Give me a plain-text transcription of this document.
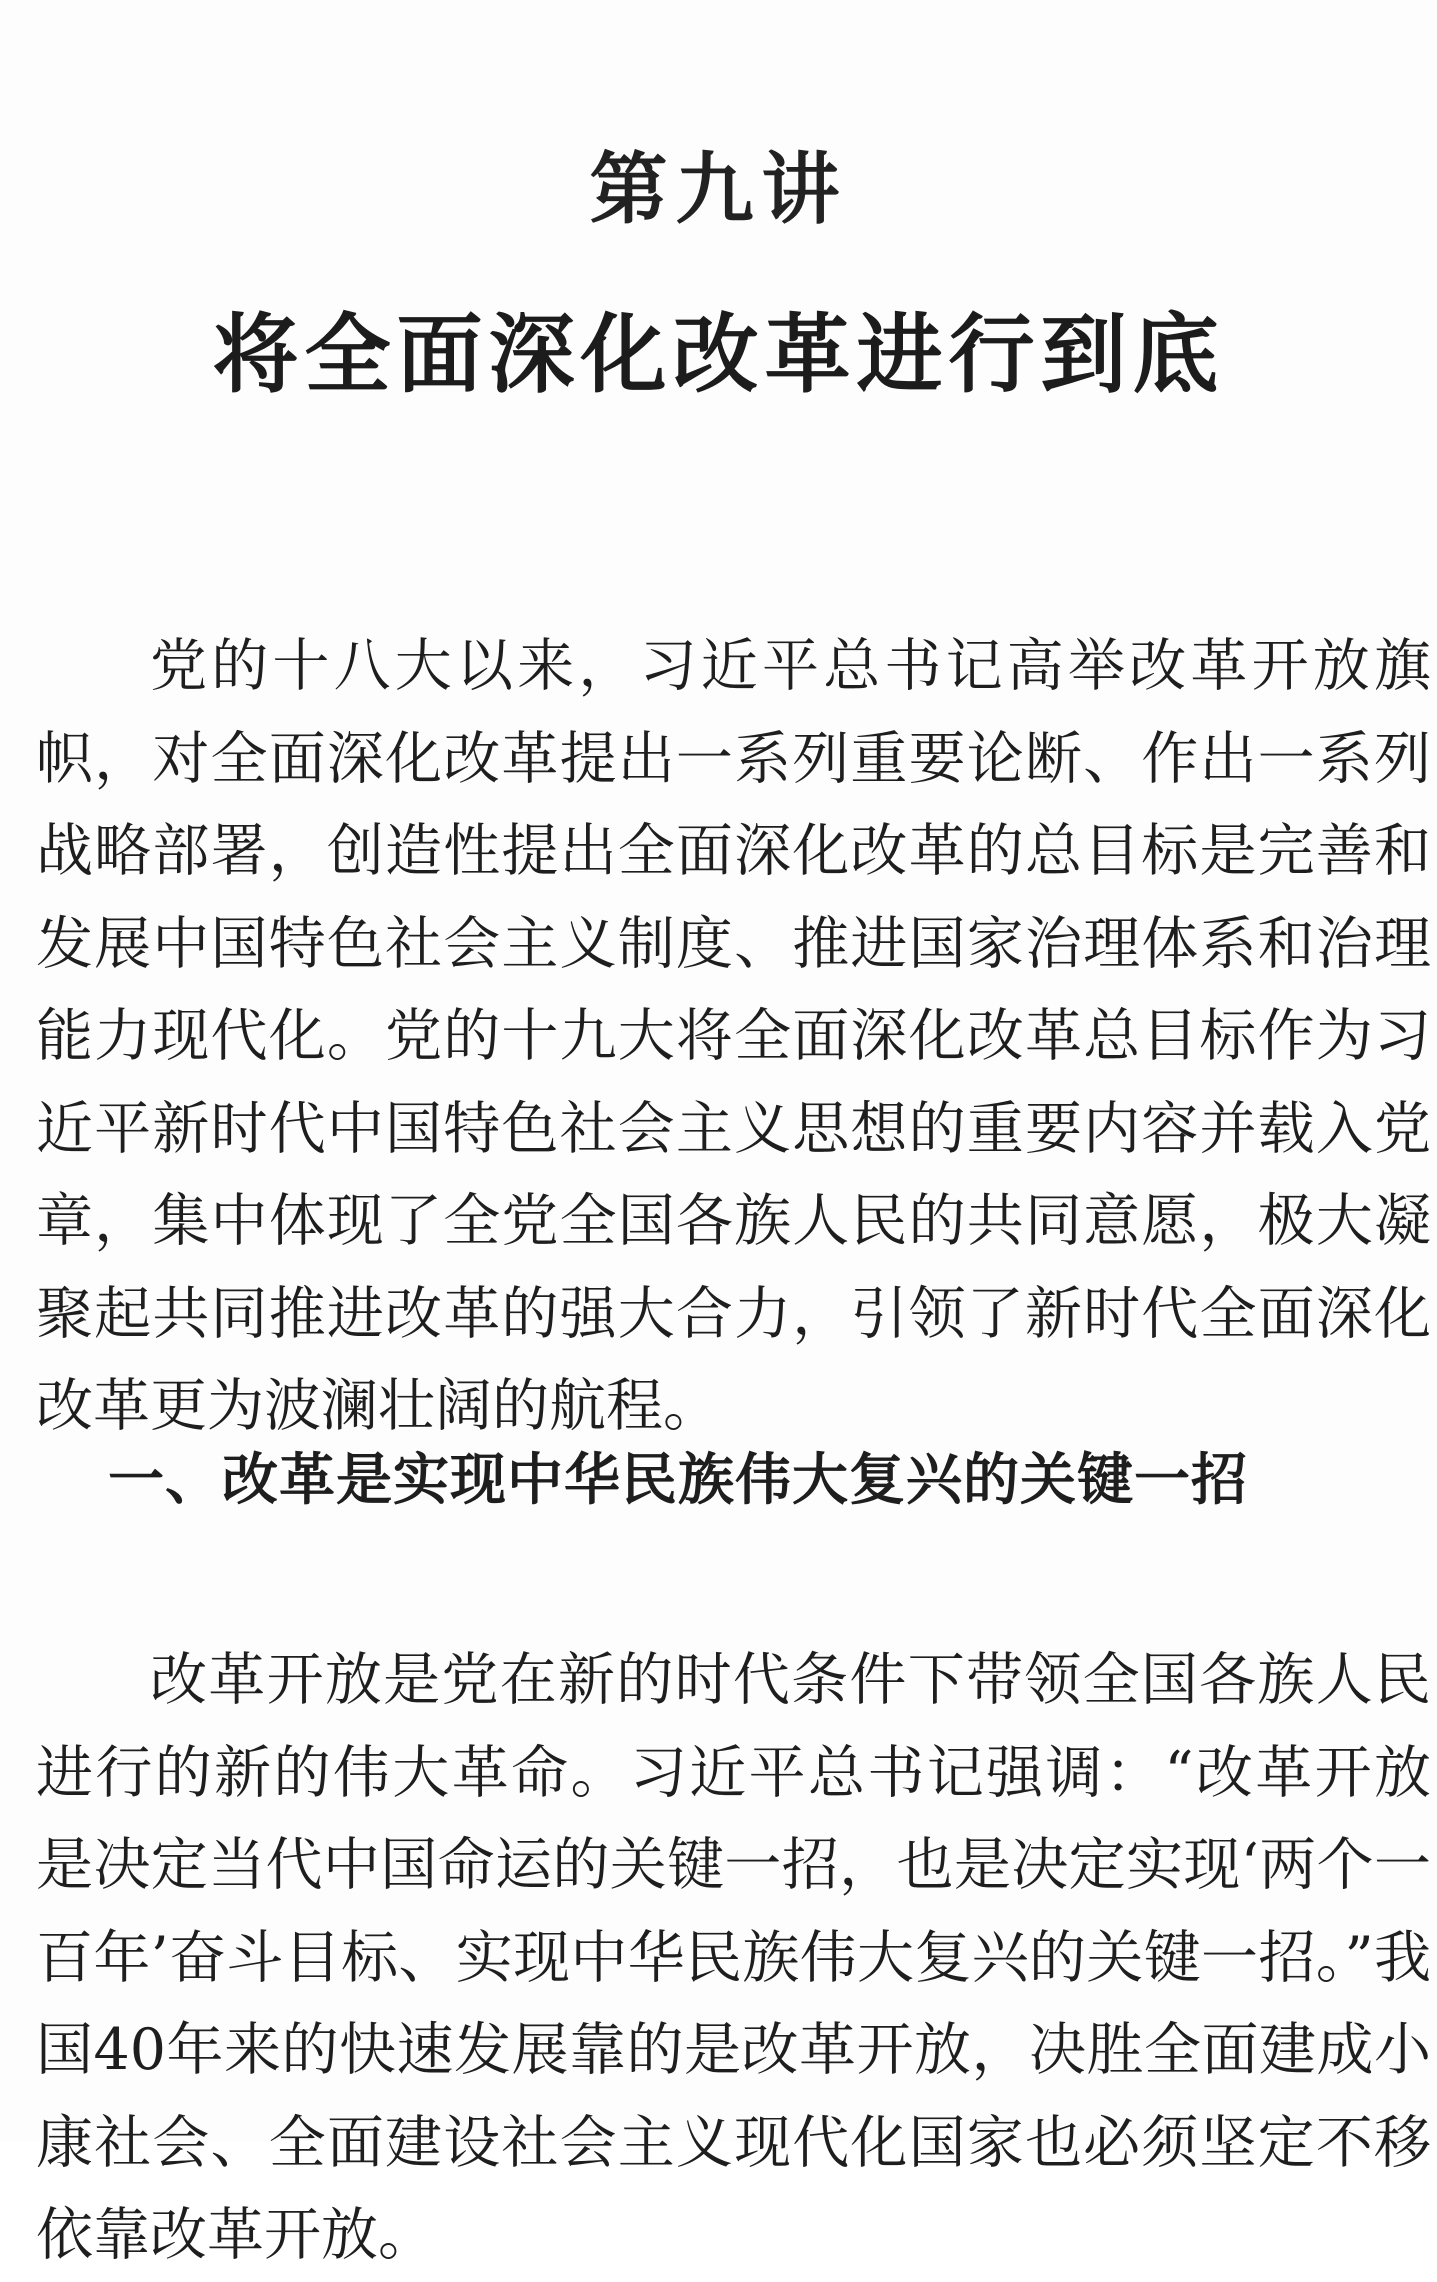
第九讲
将全面深化改革进行到底

党的十八大以来，习近平总书记高举改革开放旗帜，对全面深化改革提出一系列重要论断、作出一系列战略部署，创造性提出全面深化改革的总目标是完善和发展中国特色社会主义制度、推进国家治理体系和治理能力现代化。党的十九大将全面深化改革总目标作为习近平新时代中国特色社会主义思想的重要内容并载入党章，集中体现了全党全国各族人民的共同意愿，极大凝聚起共同推进改革的强大合力，引领了新时代全面深化改革更为波澜壮阔的航程。

一、改革是实现中华民族伟大复兴的关键一招

改革开放是党在新的时代条件下带领全国各族人民进行的新的伟大革命。习近平总书记强调：“改革开放是决定当代中国命运的关键一招，也是决定实现‘两个一百年’奋斗目标、实现中华民族伟大复兴的关键一招。”我国40年来的快速发展靠的是改革开放，决胜全面建成小康社会、全面建设社会主义现代化国家也必须坚定不移依靠改革开放。
